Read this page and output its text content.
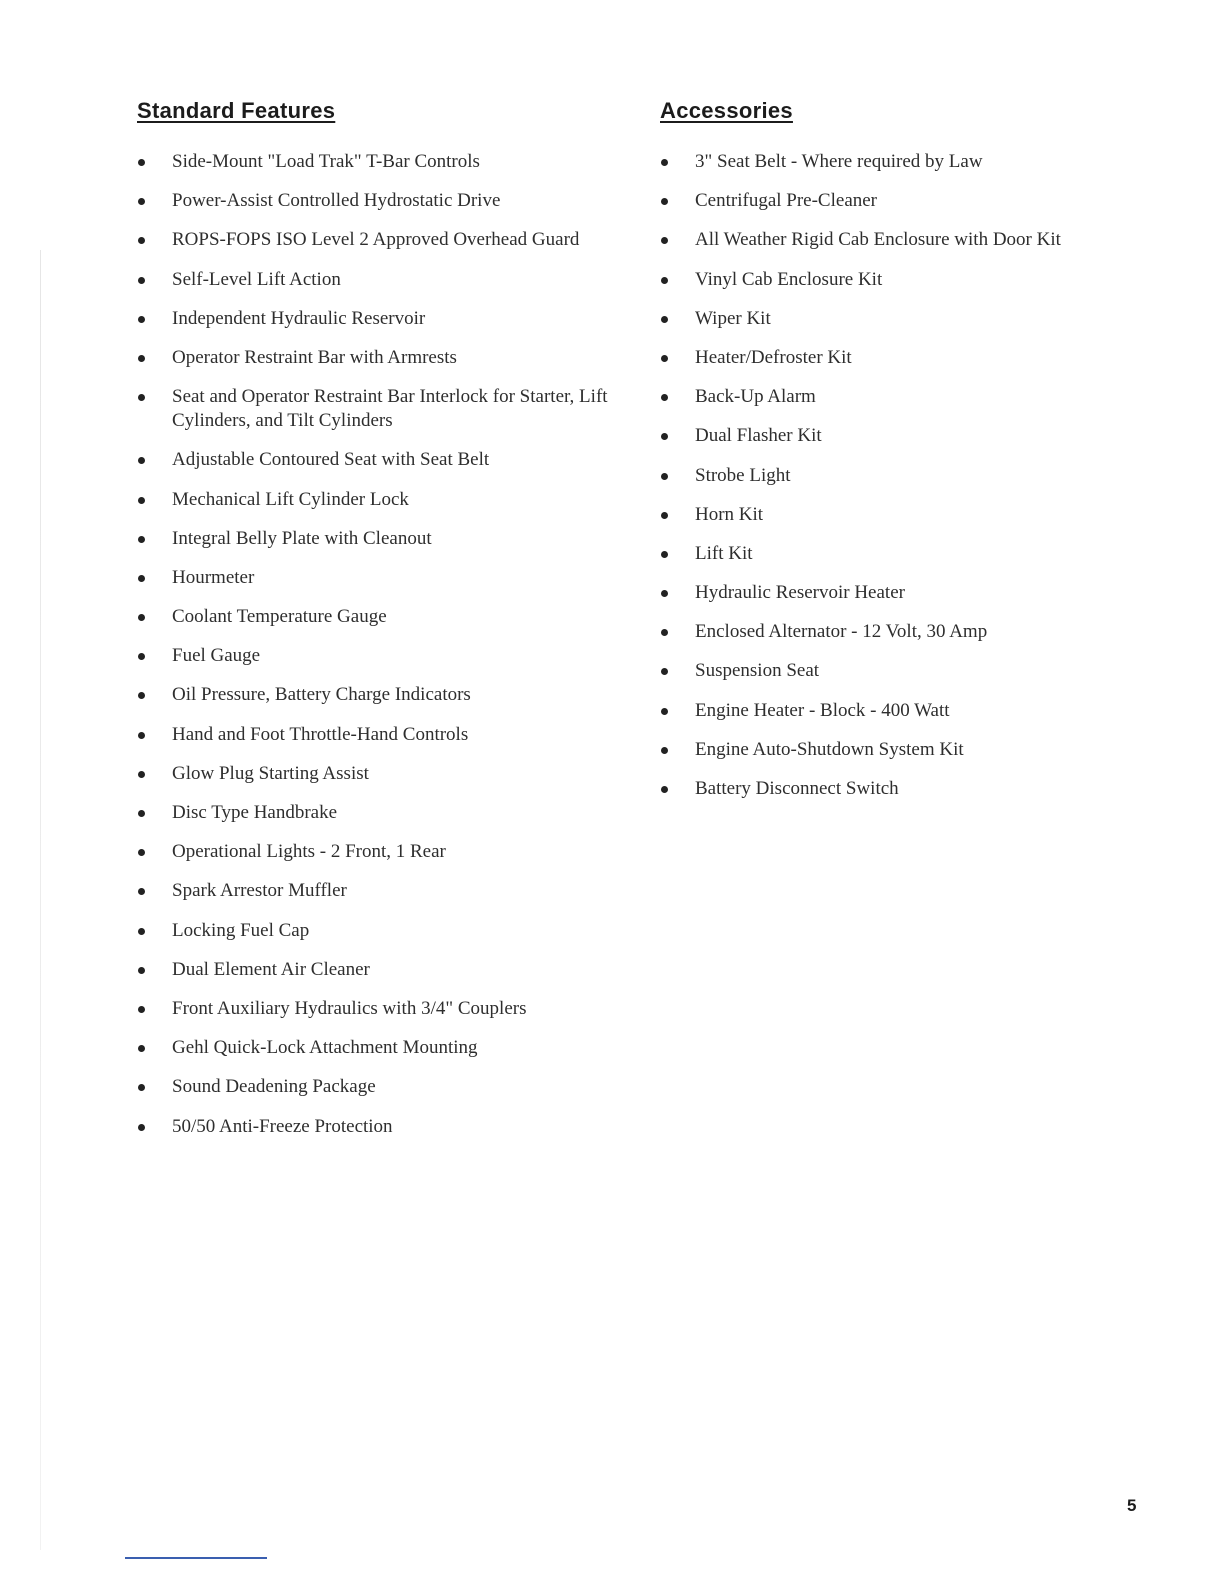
Standard Features
Side-Mount "Load Trak" T-Bar Controls
Power-Assist Controlled Hydrostatic Drive
ROPS-FOPS ISO Level 2 Approved Overhead Guard
Self-Level Lift Action
Independent Hydraulic Reservoir
Operator Restraint Bar with Armrests
Seat and Operator Restraint Bar Interlock for Starter, Lift Cylinders, and Tilt Cylinders
Adjustable Contoured Seat with Seat Belt
Mechanical Lift Cylinder Lock
Integral Belly Plate with Cleanout
Hourmeter
Coolant Temperature Gauge
Fuel Gauge
Oil Pressure, Battery Charge Indicators
Hand and Foot Throttle-Hand Controls
Glow Plug Starting Assist
Disc Type Handbrake
Operational Lights - 2 Front, 1 Rear
Spark Arrestor Muffler
Locking Fuel Cap
Dual Element Air Cleaner
Front Auxiliary Hydraulics with 3/4" Couplers
Gehl Quick-Lock Attachment Mounting
Sound Deadening Package
50/50 Anti-Freeze Protection
Accessories
3" Seat Belt - Where required by Law
Centrifugal Pre-Cleaner
All Weather Rigid Cab Enclosure with Door Kit
Vinyl Cab Enclosure Kit
Wiper Kit
Heater/Defroster Kit
Back-Up Alarm
Dual Flasher Kit
Strobe Light
Horn Kit
Lift Kit
Hydraulic Reservoir Heater
Enclosed Alternator - 12 Volt, 30 Amp
Suspension Seat
Engine Heater - Block - 400 Watt
Engine Auto-Shutdown System Kit
Battery Disconnect Switch
5
